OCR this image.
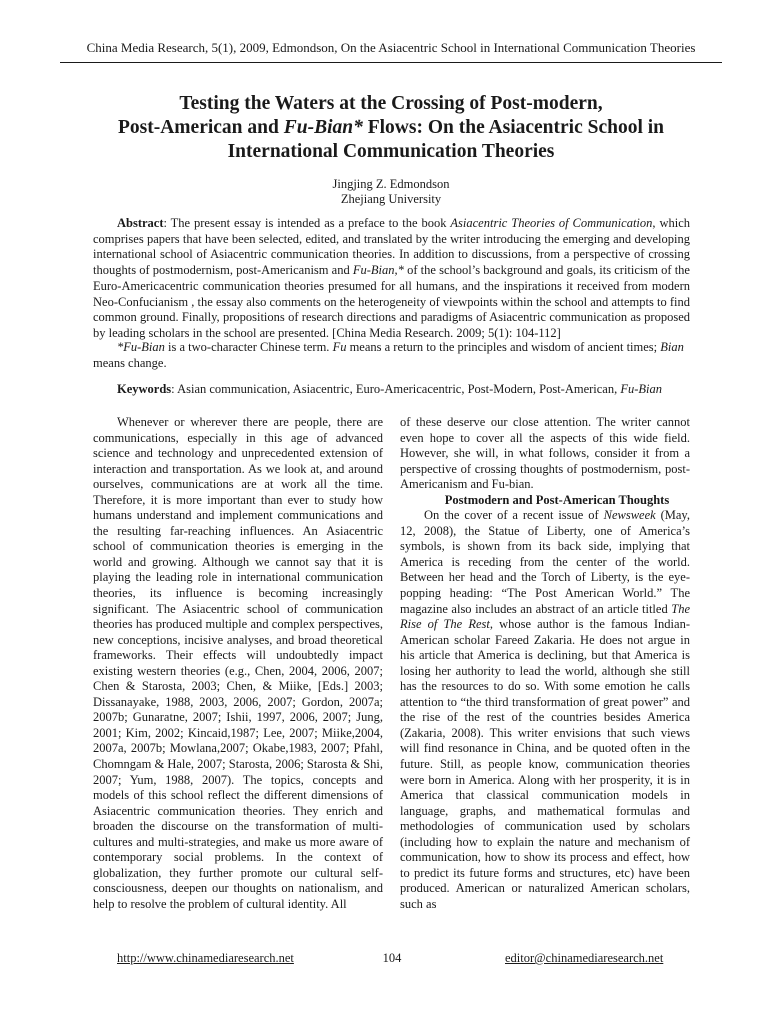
China Media Research, 5(1), 2009, Edmondson, On the Asiacentric School in International Communication Theories
Testing the Waters at the Crossing of Post-modern,
Post-American and Fu-Bian* Flows: On the Asiacentric School in
International Communication Theories
Jingjing Z. Edmondson
Zhejiang University

Abstract: The present essay is intended as a preface to the book Asiacentric Theories of Communication, which comprises papers that have been selected, edited, and translated by the writer introducing the emerging and developing international school of Asiacentric communication theories. In addition to discussions, from a perspective of crossing thoughts of postmodernism, post-Americanism and Fu-Bian,* of the school’s background and goals, its criticism of the Euro-Americacentric communication theories presumed for all humans, and the inspirations it received from modern Neo-Confucianism , the essay also comments on the heterogeneity of viewpoints within the school and attempts to find common ground. Finally, propositions of research directions and paradigms of Asiacentric communication as proposed by leading scholars in the school are presented. [China Media Research. 2009; 5(1): 104-112]

*Fu-Bian is a two-character Chinese term. Fu means a return to the principles and wisdom of ancient times; Bian means change.

Keywords: Asian communication, Asiacentric, Euro-Americacentric, Post-Modern, Post-American, Fu-Bian

Whenever or wherever there are people, there are communications, especially in this age of advanced science and technology and unprecedented extension of interaction and transportation. As we look at, and around ourselves, communications are at work all the time. Therefore, it is more important than ever to study how humans understand and implement communications and the resulting far-reaching influences. An Asiacentric school of communication theories is emerging in the world and growing. Although we cannot say that it is playing the leading role in international communication theories, its influence is becoming increasingly significant. The Asiacentric school of communication theories has produced multiple and complex perspectives, new conceptions, incisive analyses, and broad theoretical frameworks. Their effects will undoubtedly impact existing western theories (e.g., Chen, 2004, 2006, 2007; Chen & Starosta, 2003; Chen, & Miike, [Eds.] 2003; Dissanayake, 1988, 2003, 2006, 2007; Gordon, 2007a; 2007b; Gunaratne, 2007; Ishii, 1997, 2006, 2007; Jung, 2001; Kim, 2002; Kincaid,1987; Lee, 2007; Miike,2004, 2007a, 2007b; Mowlana,2007; Okabe,1983, 2007; Pfahl, Chomngam & Hale, 2007; Starosta, 2006; Starosta & Shi, 2007; Yum, 1988, 2007). The topics, concepts and models of this school reflect the different dimensions of Asiacentric communication theories. They enrich and broaden the discourse on the transformation of multi-cultures and multi-strategies, and make us more aware of contemporary social problems. In the context of globalization, they further promote our cultural self-consciousness, deepen our thoughts on nationalism, and help to resolve the problem of cultural identity. All

of these deserve our close attention. The writer cannot even hope to cover all the aspects of this wide field. However, she will, in what follows, consider it from a perspective of crossing thoughts of postmodernism, post-Americanism and Fu-bian.

Postmodern and Post-American Thoughts

On the cover of a recent issue of Newsweek (May, 12, 2008), the Statue of Liberty, one of America’s symbols, is shown from its back side, implying that America is receding from the center of the world. Between her head and the Torch of Liberty, is the eye-popping heading: “The Post American World.” The magazine also includes an abstract of an article titled The Rise of The Rest, whose author is the famous Indian-American scholar Fareed Zakaria. He does not argue in his article that America is declining, but that America is losing her authority to lead the world, although she still has the resources to do so. With some emotion he calls attention to “the third transformation of great power” and the rise of the rest of the countries besides America (Zakaria, 2008). This writer envisions that such views will find resonance in China, and be quoted often in the future. Still, as people know, communication theories were born in America. Along with her prosperity, it is in America that classical communication models in language, graphs, and mathematical formulas and methodologies of communication used by scholars (including how to explain the nature and mechanism of communication, how to show its process and effect, how to predict its future forms and structures, etc) have been produced. American or naturalized American scholars, such as

http://www.chinamediaresearch.net	104	editor@chinamediaresearch.net
